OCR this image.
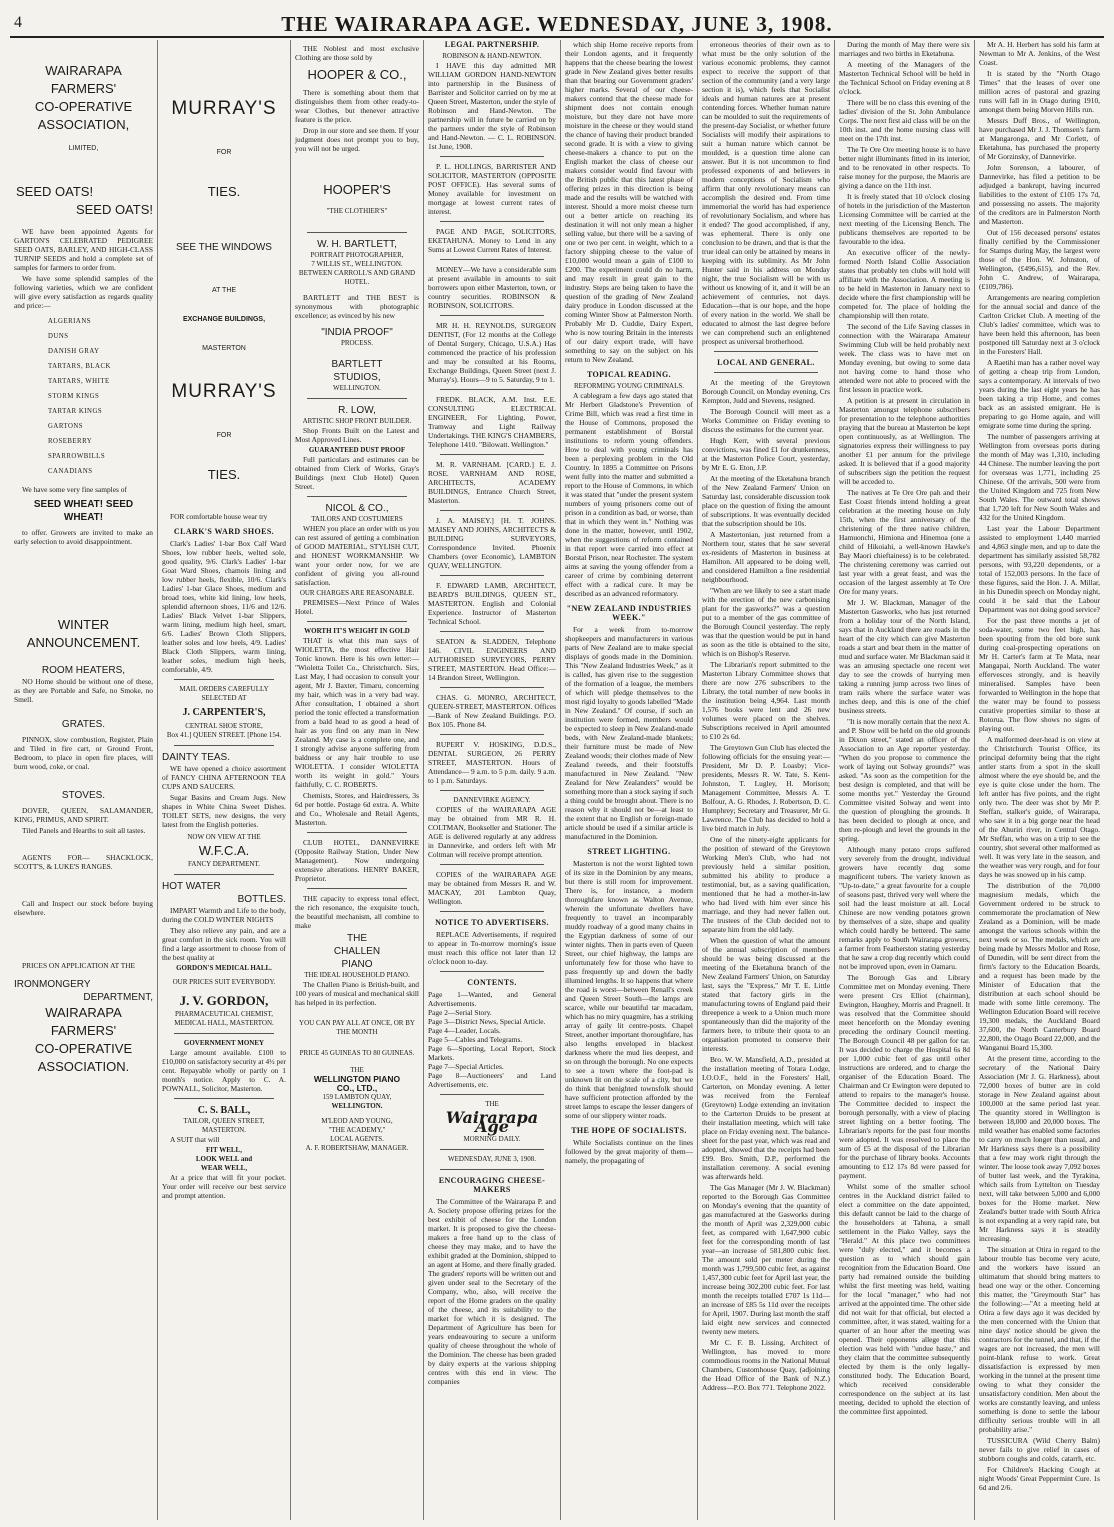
4	THE WAIRARAPA AGE. WEDNESDAY, JUNE 3, 1908.
WAIRARAPA
FARMERS'
CO-OPERATIVE
ASSOCIATION,
LIMITED,
SEED OATS!
SEED OATS!

WE have been appointed Agents for GARTON'S CELEBRATED PEDIGREE SEED OATS, BARLEY, AND HIGH-CLASS TURNIP SEEDS and hold a complete set of samples for farmers to order from.

We have some splendid samples of the following varieties, which we are confident will give every satisfaction as regards quality and price:—

ALGERIANS
DUNS
DANISH GRAY
TARTARS, BLACK
TARTARS, WHITE
STORM KINGS
TARTAR KINGS
GARTONS
ROSEBERRY
SPARROWBILLS
CANADIANS

We have some very fine samples of

SEED WHEAT! SEED WHEAT!

to offer. Growers are invited to make an early selection to avoid disappointment.

WINTER
ANNOUNCEMENT.
ROOM HEATERS,

NO Home should be without one of these, as they are Portable and Safe, no Smoke, no Smell.

GRATES.

PINNOX, slow combustion, Register, Plain and Tiled in fire cart, or Ground Front, Bedroom, to place in open fire places, will burn wood, coke, or coal.

STOVES.

DOVER, QUEEN, SALAMANDER, KING, PRIMUS, AND SPIRIT.

Tiled Panels and Hearths to suit all tastes.

AGENTS FOR— SHACKLOCK, SCOTT'S, & LUKE'S RANGES.

Call and Inspect our stock before buying elsewhere.

PRICES ON APPLICATION AT THE

IRONMONGERY
DEPARTMENT,
WAIRARAPA
FARMERS'
CO-OPERATIVE
ASSOCIATION.
MURRAY'S
FOR
TIES.
SEE THE WINDOWS
AT THE
EXCHANGE BUILDINGS,
MASTERTON
MURRAY'S
FOR
TIES.

FOR comfortable house wear try

CLARK'S WARD SHOES.

Clark's Ladies' 1-bar Box Calf Ward Shoes, low rubber heels, welted sole, good quality, 9/6. Clark's Ladies' 1-bar Goat Ward Shoes, chamois lining and low rubber heels, flexible, 10/6. Clark's Ladies' 1-bar Glace Shoes, medium and broad toes, white kid lining, low heels, splendid afternoon shoes, 11/6 and 12/6. Ladies' Black Velvet 1-bar Slippers, warm lining, medium high heel, smart, 6/6. Ladies' Brown Cloth Slippers, leather soles and low heels, 4/9. Ladies' Black Cloth Slippers, warm lining, leather soles, medium high heels, comfortable, 4/9.

MAIL ORDERS CAREFULLY SELECTED AT
J. CARPENTER'S,
CENTRAL SHOE STORE,
Box 41.] QUEEN STREET. [Phone 154.
DAINTY TEAS.

WE have opened a choice assortment of FANCY CHINA AFTERNOON TEA CUPS AND SAUCERS.

Sugar Basins and Cream Jugs. New shapes in White China Sweet Dishes. TOILET SETS, new designs, the very latest from the English potteries.

NOW ON VIEW AT THE
W.F.C.A.
FANCY DEPARTMENT.
HOT WATER
BOTTLES.

IMPART Warmth and Life to the body, during the COLD WINTER NIGHTS

They also relieve any pain, and are a great comfort in the sick room. You will find a large assortment to choose from of the best quality at

GORDON'S MEDICAL HALL.
OUR PRICES SUIT EVERYBODY.
J. V. GORDON,
PHARMACEUTICAL CHEMIST,
MEDICAL HALL, MASTERTON.
GOVERNMENT MONEY

Large amount available. £100 to £10,000 on satisfactory security at 4½ per cent. Repayable wholly or partly on 1 month's notice. Apply to C. A. POWNALL, Solicitor, Masterton.

C. S. BALL,
TAILOR, QUEEN STREET, MASTERTON.

A SUIT that will

FIT WELL,
LOOK WELL and
WEAR WELL,

At a price that will fit your pocket. Your order will receive our best service and prompt attention.

THE Noblest and most exclusive Clothing are those sold by

HOOPER & CO.,

There is something about them that distinguishes them from other ready-to-wear Clothes, but thenever attractive feature is the price.

Drop in our store and see them. If your judgment does not prompt you to buy, you will not be urged.

HOOPER'S
"THE CLOTHIER'S"
W. H. BARTLETT,
PORTRAIT PHOTOGRAPHER,
7 WILLIS ST., WELLINGTON.
BETWEEN CARROLL'S AND GRAND HOTEL.

BARTLETT and THE BEST is synonymous with photographic excellence; as evinced by his new

"INDIA PROOF"
PROCESS.
BARTLETT
STUDIOS,
WELLINGTON.
R. LOW,
ARTISTIC SHOP FRONT BUILDER.

Shop Fronts Built on the Latest and Most Approved Lines.

GUARANTEED DUST PROOF

Full particulars and estimates can be obtained from Clerk of Works, Gray's Buildings (next Club Hotel) Queen Street.

NICOL & CO.,
TAILORS AND COSTUMIERS

WHEN you place an order with us you can rest assured of getting a combination of GOOD MATERIAL, STYLISH CUT, and HONEST WORKMANSHIP. We want your order now, for we are confident of giving you all-round satisfaction.

OUR CHARGES ARE REASONABLE.

PREMISES—Next Prince of Wales Hotel.

WORTH IT'S WEIGHT IN GOLD

THAT is what this man says of WIOLETTA, the most effective Hair Tonic known. Here is his own letter:— "Wioletta Toilet Co., Christchurch. Sirs, Last May, I had occasion to consult your agent, Mr J. Baxter, Timaru, concerning my hair, which was in a very bad way. After consultation, I obtained a short period the tonic effected a transformation from a bald head to as good a head of hair as you find on any man in New Zealand. My case is a complete one, and I strongly advise anyone suffering from baldness or any hair trouble to use WIOLETTA. I consider WIOLETTA worth its weight in gold." Yours faithfully, C. C. ROBERTS.

Chemists, Stores, and Hairdressers, 3s 6d per bottle. Postage 6d extra. A. White and Co., Wholesale and Retail Agents, Masterton.

CLUB HOTEL, DANNEVIRKE (Opposite Railway Station, Under New Management). Now undergoing extensive alterations. HENRY BAKER, Proprietor.

THE capacity to express tonal effect, the rich resonance, the exquisite touch, the beautiful mechanism, all combine to make

THE
CHALLEN
PIANO
THE IDEAL HOUSEHOLD PIANO.

The Challen Piano is British-built, and 100 years of musical and mechanical skill has helped in its perfection.

YOU CAN PAY ALL AT ONCE, OR BY THE MONTH
PRICE 45 GUINEAS TO 80 GUINEAS.
THE
WELLINGTON PIANO
CO., LTD.,
159 LAMBTON QUAY,
WELLINGTON.
M'LEOD AND YOUNG,
"THE ACADEMY,"
LOCAL AGENTS.
A. F. ROBERTSHAW, MANAGER.
LEGAL PARTNERSHIP.
ROBINSON & HAND-NEWTON.

I HAVE this day admitted MR WILLIAM GORDON HAND-NEWTON into partnership in the Business of Barrister and Solicitor carried on by me at Queen Street, Masterton, under the style of Robinson and Hand-Newton. The partnership will in future be carried on by the partners under the style of Robinson and Hand-Newton. — C. L. ROBINSON. 1st June, 1908.

P. L. HOLLINGS, BARRISTER AND SOLICITOR, MASTERTON (OPPOSITE POST OFFICE). Has several sums of Money available for investment on mortgage at lowest current rates of interest.

PAGE AND PAGE, SOLICITORS, EKETAHUNA. Money to Lend in any Sums at Lowest Current Rates of Interest.

MONEY—We have a considerable sum at present available in amounts to suit borrowers upon either Masterton, town, or country securities. ROBINSON & ROBINSON, SOLICITORS.

MR H. H. REYNOLDS, SURGEON DENTIST, (For 12 months at the College of Dental Surgery, Chicago, U.S.A.) Has commenced the practice of his profession and may be consulted at his Rooms, Exchange Buildings, Queen Street (next J. Murray's). Hours—9 to 5. Saturday, 9 to 1.

FREDK. BLACK, A.M. Inst. E.E. CONSULTING ELECTRICAL ENGINEER, For Lighting, Power, Tramway and Light Railway Undertakings. THE KING'S CHAMBERS, Telephone 1410. "Bilowatt. Wellington."

M. R. VARNHAM. [CARD.] E. J. ROSE. VARNHAM AND ROSE, ARCHITECTS, ACADEMY BUILDINGS, Entrance Church Street, Masterton.

J. A. MAISEY.] [H. T. JOHNS. MAISEY AND JOHNS, ARCHITECTS & BUILDING SURVEYORS, Correspondence Invited. Phoenix Chambers (over Economic), LAMBTON QUAY, WELLINGTON.

F. EDWARD LAMB, ARCHITECT, BEARD'S BUILDINGS, QUEEN ST., MASTERTON. English and Colonial Experience. Instructor of Masterton Technical School.

SEATON & SLADDEN, Telephone 146. CIVIL ENGINEERS AND AUTHORISED SURVEYORS, PERRY STREET, MASTERTON. Head Office:— 14 Brandon Street, Wellington.

CHAS. G. MONRO, ARCHITECT, QUEEN-STREET, MASTERTON. Offices—Bank of New Zealand Buildings. P.O. Box 105. Phone 84.

RUPERT V. HOSKING, D.D.S., DENTAL SURGEON, 26 PERRY STREET, MASTERTON. Hours of Attendance— 9 a.m. to 5 p.m. daily. 9 a.m. to 1 p.m. Saturdays.

DANNEVIRKE AGENCY.

COPIES of the WAIRARAPA AGE may be obtained from MR R. H. COLTMAN, Bookseller and Stationer. The AGE is delivered regularly at any address in Dannevirke, and orders left with Mr Coltman will receive prompt attention.

COPIES of the WAIRARAPA AGE may be obtained from Messrs R. and W. MACKAY, 201 Lambton Quay, Wellington.

NOTICE TO ADVERTISERS.

REPLACE Advertisements, if required to appear in To-morrow morning's issue must reach this office not later than 12 o'clock noon to-day.

CONTENTS.
Page 1—Wanted, and General Advertisements.
Page 2—Serial Story.
Page 3—District News, Special Article.
Page 4—Leader, Locals.
Page 5—Cables and Telegrams.
Page 6—Sporting, Local Report, Stock Markets.
Page 7—Special Articles.
Page 8—Auctioneers' and Land Advertisements, etc.
THE
Wairarapa Age
MORNING DAILY.
WEDNESDAY, JUNE 3, 1908.
ENCOURAGING CHEESE-MAKERS

The Committee of the Wairarapa P. and A. Society propose offering prizes for the best exhibit of cheese for the London market. It is proposed to give the cheese-makers a free hand up to the class of cheese they may make, and to have the exhibit graded at the Dominion, shipped to an agent at Home, and there finally graded. The graders' reports will be written out and given under seal to the Secretary of the Company, who, also, will receive the report of the Home graders on the quality of the cheese, and its suitability to the market for which it is designed. The Department of Agriculture has been for years endeavouring to secure a uniform quality of cheese throughout the whole of the Dominion. The cheese has been graded by dairy experts at the various shipping centres with this end in view. The companies

which ship Home receive reports from their London agents, and it frequently happens that the cheese bearing the lowest grade in New Zealand gives better results than that bearing our Government graders' higher marks. Several of our cheese-makers contend that the cheese made for shipment does not contain enough moisture, but they dare not have more moisture in the cheese or they would stand the chance of having their product branded second grade. It is with a view to giving cheese-makers a chance to put on the English market the class of cheese our makers consider would find favour with the British public that this latest phase of offering prizes in this direction is being made and the results will be watched with interest. Should a more moist cheese turn out a better article on reaching its destination it will not only mean a higher selling value, but there will be a saving of one or two per cent. in weight, which to a factory shipping cheese to the value of £10,000 would mean a gain of £100 to £200. The experiment could do no harm, and may result in great gain to the industry. Steps are being taken to have the question of the grading of New Zealand dairy produce in London discussed at the coming Winter Show at Palmerston North. Probably Mr D. Cuddie, Dairy Expert, who is now touring Britain in the interests of our dairy export trade, will have something to say on the subject on his return to New Zealand.

TOPICAL READING.
REFORMING YOUNG CRIMINALS.

A cablegram a few days ago stated that Mr Herbert Gladstone's Prevention of Crime Bill, which was read a first time in the House of Commons, proposed the permanent establishment of Borstal institutions to reform young offenders. How to deal with young criminals has been a perplexing problem in the Old Country. In 1895 a Committee on Prisons went fully into the matter and submitted a report to the House of Commons, in which it was stated that "under the present system numbers of young prisoners come out of prison in a condition as bad, or worse, than that in which they went in." Nothing was done in the matter, however, until 1902, when the suggestions of reform contained in that report were carried into effect at Borstal Prison, near Rochester. The system aims at saving the young offender from a career of crime by combining deterrent effect with a radical cure. It may be described as an advanced reformatory.

"NEW ZEALAND INDUSTRIES WEEK."

For a week from to-morrow shopkeepers and manufacturers in various parts of New Zealand are to make special displays of goods made in the Dominion. This "New Zealand Industries Week," as it is called, has given rise to the suggestion of the formation of a league, the members of which will pledge themselves to the most rigid loyalty to goods labelled "Made in New Zealand." Of course, if such an institution were formed, members would be expected to sleep in New Zealand-made beds, with New Zealand-made blankets; their furniture must be made of New Zealand woods; their clothes made of New Zealand tweeds, and their footstuffs manufactured in New Zealand. "New Zealand for New Zealanders" would be something more than a stock saying if such a thing could be brought about. There is no reason why it should not be—at least to the extent that no English or foreign-made article should be used if a similar article is manufactured in the Dominion.

STREET LIGHTING.

Masterton is not the worst lighted town of its size in the Dominion by any means, but there is still room for improvement. There is, for instance, a modern thoroughfare known as Walton Avenue, wherein the unfortunate dwellers have frequently to travel an incomparably muddy roadway of a good many chains in the Egyptian darkness of some of our winter nights. Then in parts even of Queen Street, our chief highway, the lamps are unfortunately few for those who have to pass frequently up and down the badly illumined lengths. It so happens that where the road is worst—between Renall's creek and Queen Street South—the lamps are scarce, while our beautiful tar macadam, which has no miry quagmire, has a striking array of gaily lit centre-posts. Chapel Street, another important thoroughfare, has also lengths enveloped in blackest darkness where the mud lies deepest, and so on through the borough. No one expects to see a town where the foot-pad is unknown lit on the scale of a city, but we do think that benighted townsfolk should have sufficient protection afforded by the street lamps to escape the lesser dangers of some of our slippery winter roads.

THE HOPE OF SOCIALISTS.

While Socialists continue on the lines followed by the great majority of them—namely, the propagating of

erroneous theories of their own as to what must be the only solution of the various economic problems, they cannot expect to receive the support of that section of the community (and a very large section it is), which feels that Socialist ideals and human natures are at present contending forces. Whether human nature can be moulded to suit the requirements of the present-day Socialist, or whether future Socialists will modify their aspirations to suit a human nature which cannot be moulded, is a question time alone can answer. But it is not uncommon to find professed exponents of and believers in modern conceptions of Socialism who affirm that only revolutionary means can accomplish the desired end. From time immemorial the world has had experience of revolutionary Socialism, and where has it ended? The good accomplished, if any, was ephemeral. There is only one conclusion to be drawn, and that is that the true ideal can only be attained by means in keeping with its sublimity. As Mr John Hunter said in his address on Monday night, the true Socialism will be with us without us knowing of it, and it will be an achievement of centuries, not days. Education—that is our hope, and the hope of every nation in the world. We shall be educated to almost the last degree before we can comprehend such an enlightened prospect as universal brotherhood.

LOCAL AND GENERAL.

At the meeting of the Greytown Borough Council, on Monday evening, Crs Kempton, Judd and Stevens, resigned.

The Borough Council will meet as a Works Committee on Friday evening to discuss the estimates for the current year.

Hugh Kerr, with several previous convictions, was fined £1 for drunkenness, at the Masterton Police Court, yesterday, by Mr E. G. Eton, J.P.

At the meeting of the Eketahuna branch of the New Zealand Farmers' Union on Saturday last, considerable discussion took place on the question of fixing the amount of subscriptions. It was eventually decided that the subscription should be 10s.

A Mastertonian, just returned from a Northern tour, states that he saw several ex-residents of Masterton in business at Hamilton. All appeared to be doing well, and considered Hamilton a fine residential neighbourhood.

"When are we likely to see a start made with the erection of the new carbonising plant for the gasworks?" was a question put to a member of the gas committee of the Borough Council yesterday. The reply was that the question would be put in hand as soon as the title is obtained to the site, which is on Bishop's Reserve.

The Librarian's report submitted to the Masterton Library Committee shows that there are now 276 subscribers to the Library, the total number of new books in the institution being 4,964. Last month 1,576 books were lent and 26 new volumes were placed on the shelves. Subscriptions received in April amounted to £10 2s 6d.

The Greytown Gun Club has elected the following officials for the ensuing year:—President, Mr D. P. Loasby; Vice-presidents, Messrs R. W. Tate, S. Kent-Johnston, T. Lugley, H. Morison; Management Committee, Messrs A. T. Bolfour, A. G. Rhodes, J. Robertson, D. C. Humphrey; Secretary and Treasurer, Mr G. Lawrence. The Club has decided to hold a live bird match in July.

One of the ninety-eight applicants for the position of steward of the Greytown Working Men's Club, who had not previously held a similar position, submitted his ability to produce a testimonial, but, as a saving qualification, mentioned that he had a mother-in-law who had lived with him ever since his marriage, and they had never fallen out. The trustees of the Club decided not to separate him from the old lady.

When the question of what the amount of the annual subscription of members should be was being discussed at the meeting of the Eketahuna branch of the New Zealand Farmers' Union, on Saturday last, says the "Express," Mr T. E. Little stated that factory girls in the manufacturing towns of England paid their threepence a week to a Union much more spontaneously than did the majority of the farmers here, to tribute their quota to an organisation promoted to conserve their interests.

Bro. W. W. Mansfield, A.D., presided at the installation meeting of Totara Lodge, I.O.O.F., held in the Foresters' Hall, Carterton, on Monday evening. A letter was received from the Fernleaf (Greytown) Lodge extending an invitation to the Carterton Druids to be present at their installation meeting, which will take place on Friday evening next. The balance-sheet for the past year, which was read and adopted, showed that the receipts had been £99. Bro. Smith, D.P., performed the installation ceremony. A social evening was afterwards held.

The Gas Manager (Mr J. W. Blackman) reported to the Borough Gas Committee on Monday's evening that the quantity of gas manufactured at the Gasworks during the month of April was 2,329,000 cubic feet, as compared with 1,647,900 cubic feet for the corresponding month of last year—an increase of 581,800 cubic feet. The amount sold per meter during the month was 1,799,500 cubic feet, as against 1,457,300 cubic feet for April last year, the increase being 302,200 cubic feet. For last month the receipts totalled £707 1s 11d—an increase of £85 5s 11d over the receipts for April, 1907. During last month the staff laid eight new services and connected twenty new meters.

Mr C. F. B. Lissing, Architect of Wellington, has moved to more commodious rooms in the National Mutual Chambers, Customhouse Quay, (adjoining the Head Office of the Bank of N.Z.) Address—P.O. Box 771. Telephone 2022.

During the month of May there were six marriages and two births in Eketahuna.

A meeting of the Managers of the Masterton Technical School will be held in the Technical School on Friday evening at 8 o'clock.

There will be no class this evening of the ladies' division of the St. John Ambulance Corps. The next first aid class will be on the 10th inst. and the home nursing class will meet on the 17th inst.

The Te Ore Ore meeting house is to have better night illuminants fitted in its interior, and to be renovated in other respects. To raise money for the purpose, the Maoris are giving a dance on the 11th inst.

It is freely stated that 10 o'clock closing of hotels in the jurisdiction of the Masterton Licensing Committee will be carried at the next meeting of the Licensing Bench. The publicans themselves are reported to be favourable to the idea.

An executive officer of the newly-formed North Island Collie Association states that probably ten clubs will hold will affiliate with the Association. A meeting is to be held in Masterton in January next to decide where the first championship will be competed for. The place of holding the championship will then rotate.

The second of the Life Saving classes in connection with the Wairarapa Amateur Swimming Club will be held probably next week. The class was to have met on Monday evening, but owing to some data not having come to hand those who attended were not able to proceed with the first lesson in practice work.

A petition is at present in circulation in Masterton amongst telephone subscribers for presentation to the telephone authorities praying that the bureau at Masterton be kept open continuously, as at Wellington. The signatories express their willingness to pay another £1 per annum for the privilege asked. It is believed that if a good majority of subscribers sign the petition the request will be acceded to.

The natives at Te Ore Ore pah and their East Coast friends intend holding a great celebration at the meeting house on July 15th, when the first anniversary of the christening of the three native children, Hamuonchi, Himiona and Hinemoa (one a child of Hikoiahi, a well-known Hawke's Bay Maori chieftainess) is to be celebrated. The christening ceremony was carried out last year with a great feast, and was the occasion of the largest assembly at Te Ore Ore for many years.

Mr J. W. Blackman, Manager of the Masterton Gasworks, who has just returned from a holiday tour of the North Island, says that in Auckland there are roads in the heart of the city which can give Masterton roads a start and beat them in the matter of mud and surface water. Mr Blackman said it was an amusing spectacle one recent wet day to see the crowds of hurrying men taking a running jump across two lines of tram rails where the surface water was inches deep, and this is one of the chief business streets.

"It is now morally certain that the next A. and P. Show will be held on the old grounds in Dixon street," stated an officer of the Association to an Age reporter yesterday. "When do you propose to commence the work of laying out Solway grounds?" was asked. "As soon as the competition for the best design is completed, and that will be some months yet." Yesterday the Ground Committee visited Solway and went into the question of ploughing the grounds. It has been decided to plough at once, and then re-plough and level the grounds in the spring.

Although many potato crops suffered very severely from the drought, individual growers have recently dug some magnificent tubers. The variety known as "Up-to-date," a great favourite for a couple of seasons past, thrived very well where the soil had the least moisture at all. Local Chinese are now vending potatoes grown by themselves of a size, shape and quality which could hardly be bettered. The same remarks apply to South Wairarapa growers, a farmer from Featherston stating yesterday that he saw a crop dug recently which could not be improved upon, even in Oamaru.

The Borough Gas and Library Committee met on Monday evening. There were present Crs Elliot (chairman), Ewington, Haughey, Morris and Pragnell. It was resolved that the Committee should meet henceforth on the Monday evening preceding the ordinary Council meeting. The Borough Council 48 per gallon for tar. It was decided to charge the Hospital 6s 8d per 1,000 cubic feet of gas until other instructions are ordered, and to charge the organiser of the Education Board. The Chairman and Cr Ewington were deputed to attend to repairs to the manager's house. The Committee decided to inspect the borough personally, with a view of placing street lighting on a better footing. The Librarian's reports for the past four months were adopted. It was resolved to place the sum of £5 at the disposal of the Librarian for the purchase of library books. Accounts amounting to £12 17s 8d were passed for payment.

Whilst some of the smaller school centres in the Auckland district failed to elect a committee on the date appointed, this default cannot be laid to the charge of the householders at Tahuna, a small settlement in the Piako Valley, says the "Herald." At this place two committees were "duly elected," and it becomes a question as to which should gain recognition from the Education Board. One party had remained outside the building whilst the first meeting was held, waiting for the local "manager," who had not arrived at the appointed time. The other side did not wait for that official, but elected a committee, after, it was stated, waiting for a quarter of an hour after the meeting was opened. Their opponents allege that this election was held with "undue haste," and they claim that the committee subsequently elected by them is the only legally-constituted body. The Education Board, which received considerable correspondence on the subject at its last meeting, decided to uphold the election of the committee first appointed.

Mr A. H. Herbert has sold his farm at Newman to Mr A. Jenkins, of the West Coast.

It is stated by the "North Otago Times" that the leases of over one million acres of pastoral and grazing runs will fall in in Otago during 1910, amongst them being Morven Hills run.

Messrs Duff Bros., of Wellington, have purchased Mr J. J. Thomsen's farm at Mangaronga, and Mr Corlett, of Eketahuna, has purchased the property of Mr Gorzinsky, of Dannevirke.

John Sorenson, a labourer, of Dannevirke, has filed a petition to be adjudged a bankrupt, having incurred liabilities to the extent of £105 17s 7d, and possessing no assets. The majority of the creditors are in Palmerston North and Masterton.

Out of 156 deceased persons' estates finally certified by the Commissioner for Stamps during May, the largest were those of the Hon. W. Johnston, of Wellington, (£496,615), and the Rev. John C. Andrew, of Wairarapa, (£109,786).

Arrangements are nearing completion for the annual social and dance of the Carlton Cricket Club. A meeting of the Club's ladies' committee, which was to have been held this afternoon, has been postponed till Saturday next at 3 o'clock in the Foresters' Hall.

A Raetihi man has a rather novel way of getting a cheap trip from London, says a contemporary. At intervals of two years during the last eight years he has been taking a trip Home, and comes back as an assisted emigrant. He is preparing to go Home again, and will emigrate some time during the spring.

The number of passengers arriving at Wellington from overseas ports during the month of May was 1,310, including 44 Chinese. The number leaving the port for overseas was 1,771, including 25 Chinese. Of the arrivals, 500 were from the United Kingdom and 725 from New South Wales. The outward total shows that 1,720 left for New South Wales and 432 for the United Kingdom.

Last year the Labour Department assisted to employment 1,440 married and 4,863 single men, and up to date the department has similarly assisted 58,782 persons, with 93,220 dependents, or a total of 152,003 persons. In the face of these figures, said the Hon. J. A. Millar, in his Dunedin speech on Monday night, could it be said that the Labour Department was not doing good service?

For the past three months a jet of soda-water, some two feet high, has been spouting from the old bore sunk during coal-prospecting operations on Mr H. Carter's farm at Te Mata, near Mangapai, North Auckland. The water effervesces strongly, and is heavily mineralised. Samples have been forwarded to Wellington in the hope that the water may be found to possess curative properties similar to those at Rotorua. The flow shows no signs of playing out.

A malformed deer-head is on view at the Christchurch Tourist Office, its principal deformity being that the right antler starts from a spot in the skull almost where the eye should be, and the eye is quite close under the horn. The left antler has five points, and the right only two. The deer was shot by Mr P. Steffan, stalker's guide, of Wairarapa, who saw it in a big gorge near the head of the Ahuriri river, in Central Otago. Mr Steffan, who was on a trip to see the country, shot several other malformed as well. It was very late in the season, and the weather was very rough, and for four days he was snowed up in his camp.

The distribution of the 70,000 magnesium medals, which the Government ordered to be struck to commemorate the proclamation of New Zealand as a Dominion, will be made amongst the various schools within the next week or so. The medals, which are being made by Messrs Mollor and Rose, of Dunedin, will be sent direct from the firm's factory to the Education Boards, and a request has been made by the Minister of Education that the distribution at each school should be made with some little ceremony. The Wellington Education Board will receive 19,300 medals, the Auckland Board 37,600, the North Canterbury Board 22,800, the Otago Board 22,000, and the Wanganui Board 15,300.

At the present time, according to the secretary of the National Dairy Association (Mr J. G. Harkness), about 72,000 boxes of butter are in cold storage in New Zealand against about 100,000 at the same period last year. The quantity stored in Wellington is between 18,000 and 20,000 boxes. The mild weather has enabled some factories to carry on much longer than usual, and Mr Harkness says there is a possibility that a few may work right through the winter. The loose took away 7,092 boxes of butter last week, and the Tyrakina, which sails from Lyttelton on Tuesday next, will take between 5,000 and 6,000 boxes for the Home market. New Zealand's butter trade with South Africa is not expanding at a very rapid rate, but Mr Harkness says it is steadily increasing.

The situation at Otira in regard to the labour trouble has become very acute, and the workers have issued an ultimatum that should bring matters to head one way or the other. Concerning this matter, the "Greymouth Star" has the following:—"At a meeting held at Otira a few days ago it was decided by the men concerned with the Union that nine days' notice should be given the contractors for the tunnel, and that, if the wages are not increased, the men will point-blank refuse to work. Great dissatisfaction is expressed by men working in the tunnel at the present time owing to what they consider the unsatisfactory condition. Men about the works are constantly leaving, and unless something is done to settle the labour difficulty serious trouble will in all probability arise."

TUSSICURA (Wild Cherry Balm) never fails to give relief in cases of stubborn coughs and colds, catarrh, etc.

For Children's Hacking Cough at night Woods' Great Peppermint Cure. 1s 6d and 2/6.
